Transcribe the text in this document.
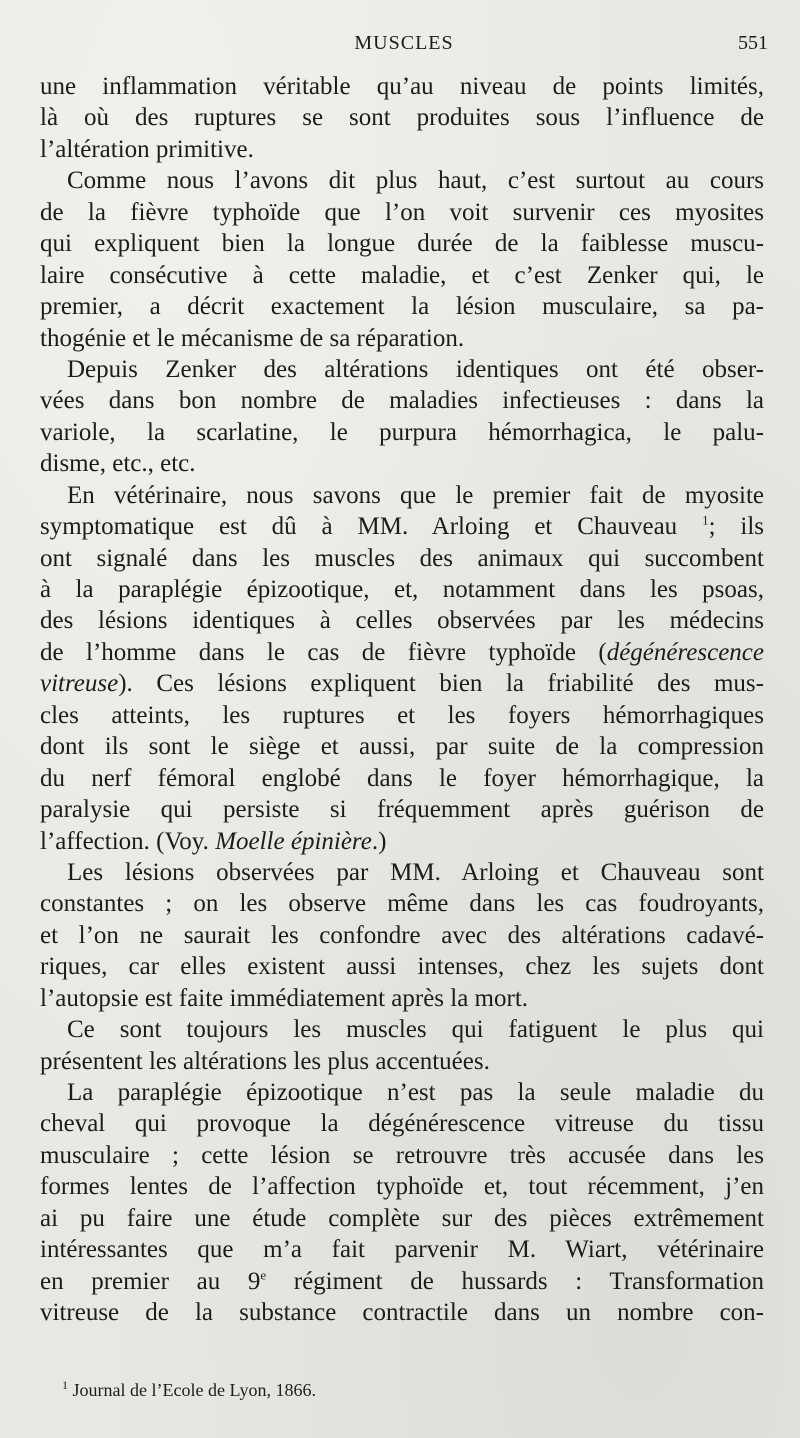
MUSCLES	551
une inflammation véritable qu’au niveau de points limités,
là où des ruptures se sont produites sous l’influence de
l’altération primitive.
Comme nous l’avons dit plus haut, c’est surtout au cours
de la fièvre typhoïde que l’on voit survenir ces myosites
qui expliquent bien la longue durée de la faiblesse muscu-
laire consécutive à cette maladie, et c’est Zenker qui, le
premier, a décrit exactement la lésion musculaire, sa pa-
thogénie et le mécanisme de sa réparation.
Depuis Zenker des altérations identiques ont été obser-
vées dans bon nombre de maladies infectieuses : dans la
variole, la scarlatine, le purpura hémorrhagica, le palu-
disme, etc., etc.
En vétérinaire, nous savons que le premier fait de myosite
symptomatique est dû à MM. Arloing et Chauveau $^1$; ils
ont signalé dans les muscles des animaux qui succombent
à la paraplégie épizootique, et, notamment dans les psoas,
des lésions identiques à celles observées par les médecins
de l’homme dans le cas de fièvre typhoïde (dégénérescence
vitreuse). Ces lésions expliquent bien la friabilité des mus-
cles atteints, les ruptures et les foyers hémorrhagiques
dont ils sont le siège et aussi, par suite de la compression
du nerf fémoral englobé dans le foyer hémorrhagique, la
paralysie qui persiste si fréquemment après guérison de
l’affection. (Voy. Moelle épinière.)
Les lésions observées par MM. Arloing et Chauveau sont
constantes ; on les observe même dans les cas foudroyants,
et l’on ne saurait les confondre avec des altérations cadavé-
riques, car elles existent aussi intenses, chez les sujets dont
l’autopsie est faite immédiatement après la mort.
Ce sont toujours les muscles qui fatiguent le plus qui
présentent les altérations les plus accentuées.
La paraplégie épizootique n’est pas la seule maladie du
cheval qui provoque la dégénérescence vitreuse du tissu
musculaire ; cette lésion se retrouvre très accusée dans les
formes lentes de l’affection typhoïde et, tout récemment, j’en
ai pu faire une étude complète sur des pièces extrêmement
intéressantes que m’a fait parvenir M. Wiart, vétérinaire
en premier au 9e régiment de hussards : Transformation
vitreuse de la substance contractile dans un nombre con-
$^1$ Journal de l’Ecole de Lyon, 1866.
